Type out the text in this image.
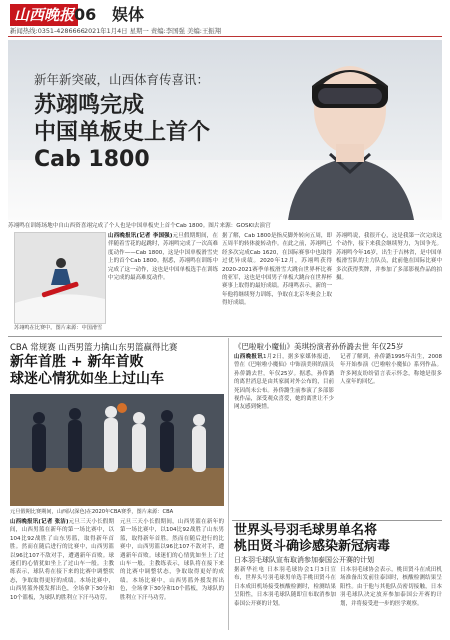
山西晚报 06 娱体
新闻热线:0351-4286666 2021年1月4日 星期一 责编:李国强 美编:王振翔
新年新突破，山西体育传喜讯：
苏翊鸣完成
中国单板史上首个
Cab 1800
苏翊鸣在训练场地中自山西资喜翊完成了个人也是中国单板史上首个Cab 1800。图片来源：GOSKI去演官
苏翊鸣在比赛中。图片来源：中国滑雪
山西晚报讯(记者 李国强)元旦假期期间，在伴随着雪花的起跳时，苏翊鸣完成了一次高难度动作——Cab 1800，这是中国单板滑雪史上的首个Cab 1800。据悉，苏翊鸣在训练中完成了这一动作，这也是中国单板选手在训练中完成的最高难度动作。
据了解，Cab 1800是指反脚外转向五周，即五周半的转体旋转动作。在此之前，苏翊鸣已经多次完成Cab 1620，在国际赛事中也取得过优异成绩。2020年12月，苏翊鸣获得2020-2021赛季单板滑雪大跳台世界杯比赛的亚军，这也是中国男子单板大跳台在世界杯赛事上取得的最好成绩。苏翊鸣表示，新的一年他将继续努力训练，争取在北京冬奥会上取得好成绩。
苏翊鸣说，我很开心，这是我第一次完成这个动作，接下来我会继续努力，为国争光。苏翊鸣今年16岁，出生于吉林省，是中国单板滑雪队的主力队员，此前他在国际比赛中多次获得奖牌，并参加了多部影视作品的拍摄。
CBA 常规赛 山西男篮力擒山东男篮赢得比赛
新年首胜 + 新年首败
球迷心情犹如坐上过山车
元旦假期比赛期间，山西队(深色)在2020年CBA赛季，图片来源：CBA
山西晚报讯(记者 张洁)元旦三天小长假期间，山西男篮在新年的第一场比赛中，以104比92战胜了山东男篮，取得新年首胜。然而在随后进行的比赛中，山西男篮以96比107不敌对手，遭遇新年首败。球迷们的心情犹如坐上了过山车一般。主教练表示，球队将在接下来的比赛中调整状态，争取取得更好的成绩。本场比赛中，山西男篮外援发挥出色，全场拿下30分和10个篮板，为球队的胜利立下汗马功劳。
元旦三天小长假期间，山西男篮在新年的第一场比赛中，以104比92战胜了山东男篮，取得新年首胜。然而在随后进行的比赛中，山西男篮以96比107不敌对手，遭遇新年首败。球迷们的心情犹如坐上了过山车一般。主教练表示，球队将在接下来的比赛中调整状态，争取取得更好的成绩。本场比赛中，山西男篮外援发挥出色，全场拿下30分和10个篮板，为球队的胜利立下汗马功劳。
《巴啦啦小魔仙》美琪扮演者孙侨潞去世 年仅25岁
山西晚报讯1月2日，据多家媒体报道，曾在《巴啦啦小魔仙》中饰演美琪的演员孙侨潞去世，年仅25岁。据悉，孙侨潞的离世消息是由其家属对外公布的，目前死因尚未公布。孙侨潞生前参演了多部影视作品，深受观众喜爱，她的离世让不少网友感到惋惜。
记者了解到，孙侨潞1995年出生，2008年开始参演《巴啦啦小魔仙》系列作品。许多网友纷纷留言表示怀念，称她是很多人童年的回忆。
世界头号羽毛球男单名将
桃田贤斗确诊感染新冠病毒
日本羽毛球队宣布取消参加泰国公开赛的计划
据新华社电 日本羽毛球协会1月3日宣布，世界头号羽毛球男单选手桃田贤斗在日本成田机场接受核酸检测时，检测结果呈阳性，日本羽毛球队随即宣布取消参加泰国公开赛的计划。
日本羽毛球协会表示，桃田贤斗在成田机场准备出发前往泰国时，核酸检测结果呈阳性。由于他与其他队员密切接触，日本羽毛球队决定放弃参加泰国公开赛的计划，并将接受进一步的医学观察。
